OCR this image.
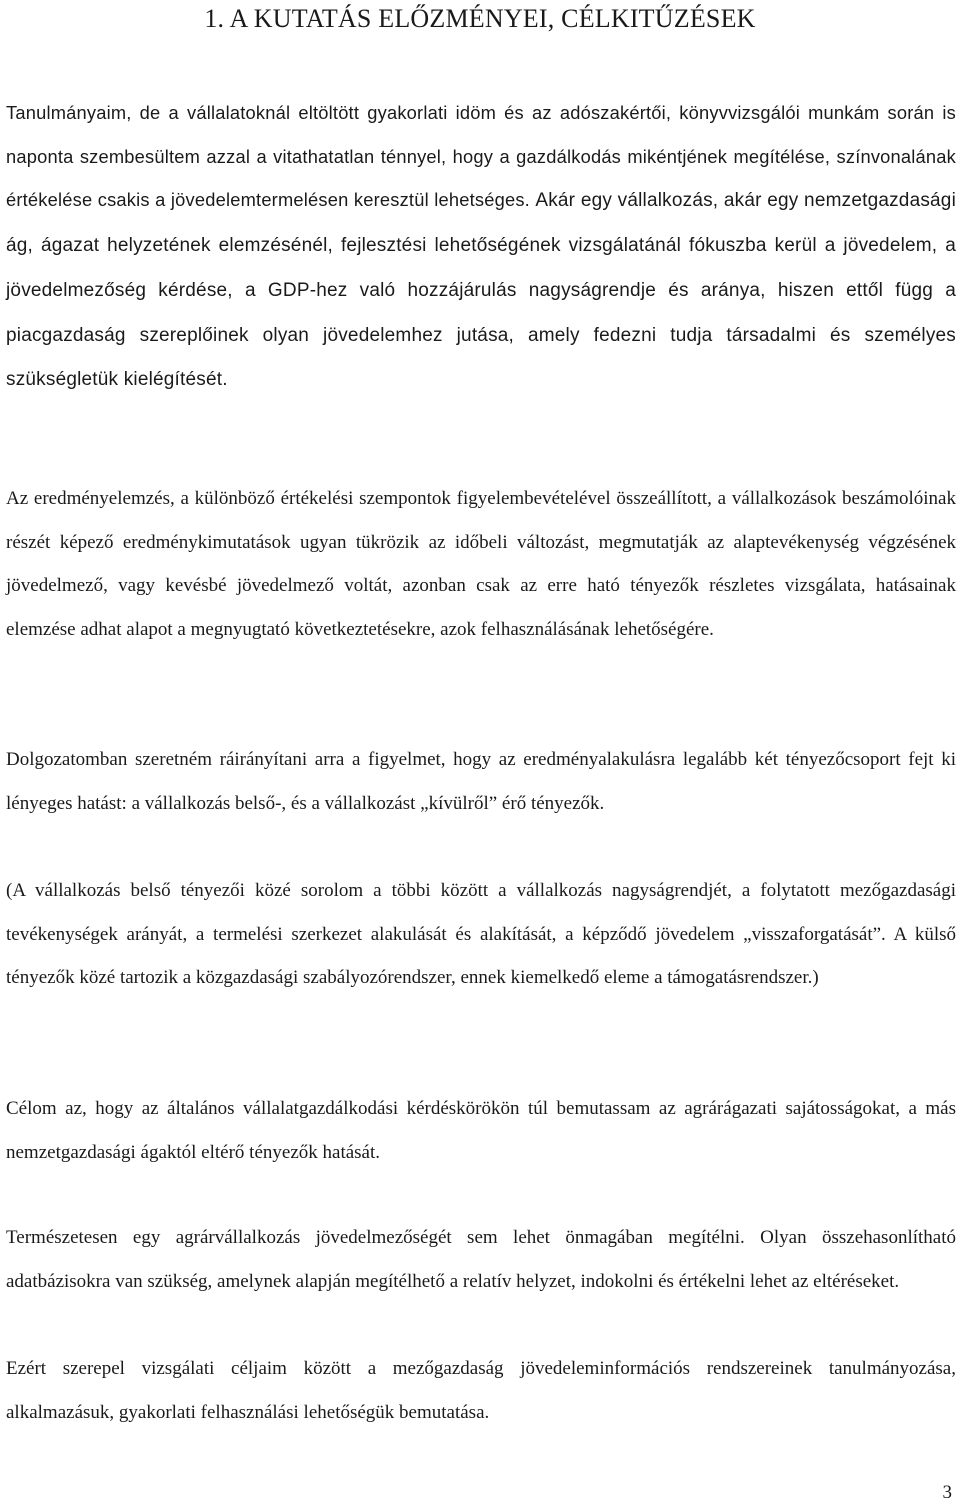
1. A KUTATÁS ELŐZMÉNYEI, CÉLKITŰZÉSEK

Tanulmányaim, de a vállalatoknál eltöltött gyakorlati idöm és az adószakértői, könyvvizsgálói munkám során is naponta szembesültem azzal a vitathatatlan ténnyel, hogy a gazdálkodás mikéntjének megítélése, színvonalának értékelése csakis a jövedelemtermelésen keresztül lehetséges. Akár egy vállalkozás, akár egy nemzetgazdasági ág, ágazat helyzetének elemzésénél, fejlesztési lehetőségének vizsgálatánál fókuszba kerül a jövedelem, a jövedelmezőség kérdése, a GDP-hez való hozzájárulás nagyságrendje és aránya, hiszen ettől függ a piacgazdaság szereplőinek olyan jövedelemhez jutása, amely fedezni tudja társadalmi és személyes szükségletük kielégítését.

Az eredményelemzés, a különböző értékelési szempontok figyelembevételével összeállított, a vállalkozások beszámolóinak részét képező eredménykimutatások ugyan tükrözik az időbeli változást, megmutatják az alaptevékenység végzésének jövedelmező, vagy kevésbé jövedelmező voltát, azonban csak az erre ható tényezők részletes vizsgálata, hatásainak elemzése adhat alapot a megnyugtató következtetésekre, azok felhasználásának lehetőségére.

Dolgozatomban szeretném ráirányítani arra a figyelmet, hogy az eredményalakulásra legalább két tényezőcsoport fejt ki lényeges hatást: a vállalkozás belső-, és a vállalkozást „kívülről” érő tényezők.

(A vállalkozás belső tényezői közé sorolom a többi között a vállalkozás nagyságrendjét, a folytatott mezőgazdasági tevékenységek arányát, a termelési szerkezet alakulását és alakítását, a képződő jövedelem „visszaforgatását”. A külső tényezők közé tartozik a közgazdasági szabályozórendszer, ennek kiemelkedő eleme a támogatásrendszer.)

Célom az, hogy az általános vállalatgazdálkodási kérdéskörökön túl bemutassam az agrárágazati sajátosságokat, a más nemzetgazdasági ágaktól eltérő tényezők hatását.

Természetesen egy agrárvállalkozás jövedelmezőségét sem lehet önmagában megítélni. Olyan összehasonlítható adatbázisokra van szükség, amelynek alapján megítélhető a relatív helyzet, indokolni és értékelni lehet az eltéréseket.

Ezért szerepel vizsgálati céljaim között a mezőgazdaság jövedeleminformációs rendszereinek tanulmányozása, alkalmazásuk, gyakorlati felhasználási lehetőségük bemutatása.

3
